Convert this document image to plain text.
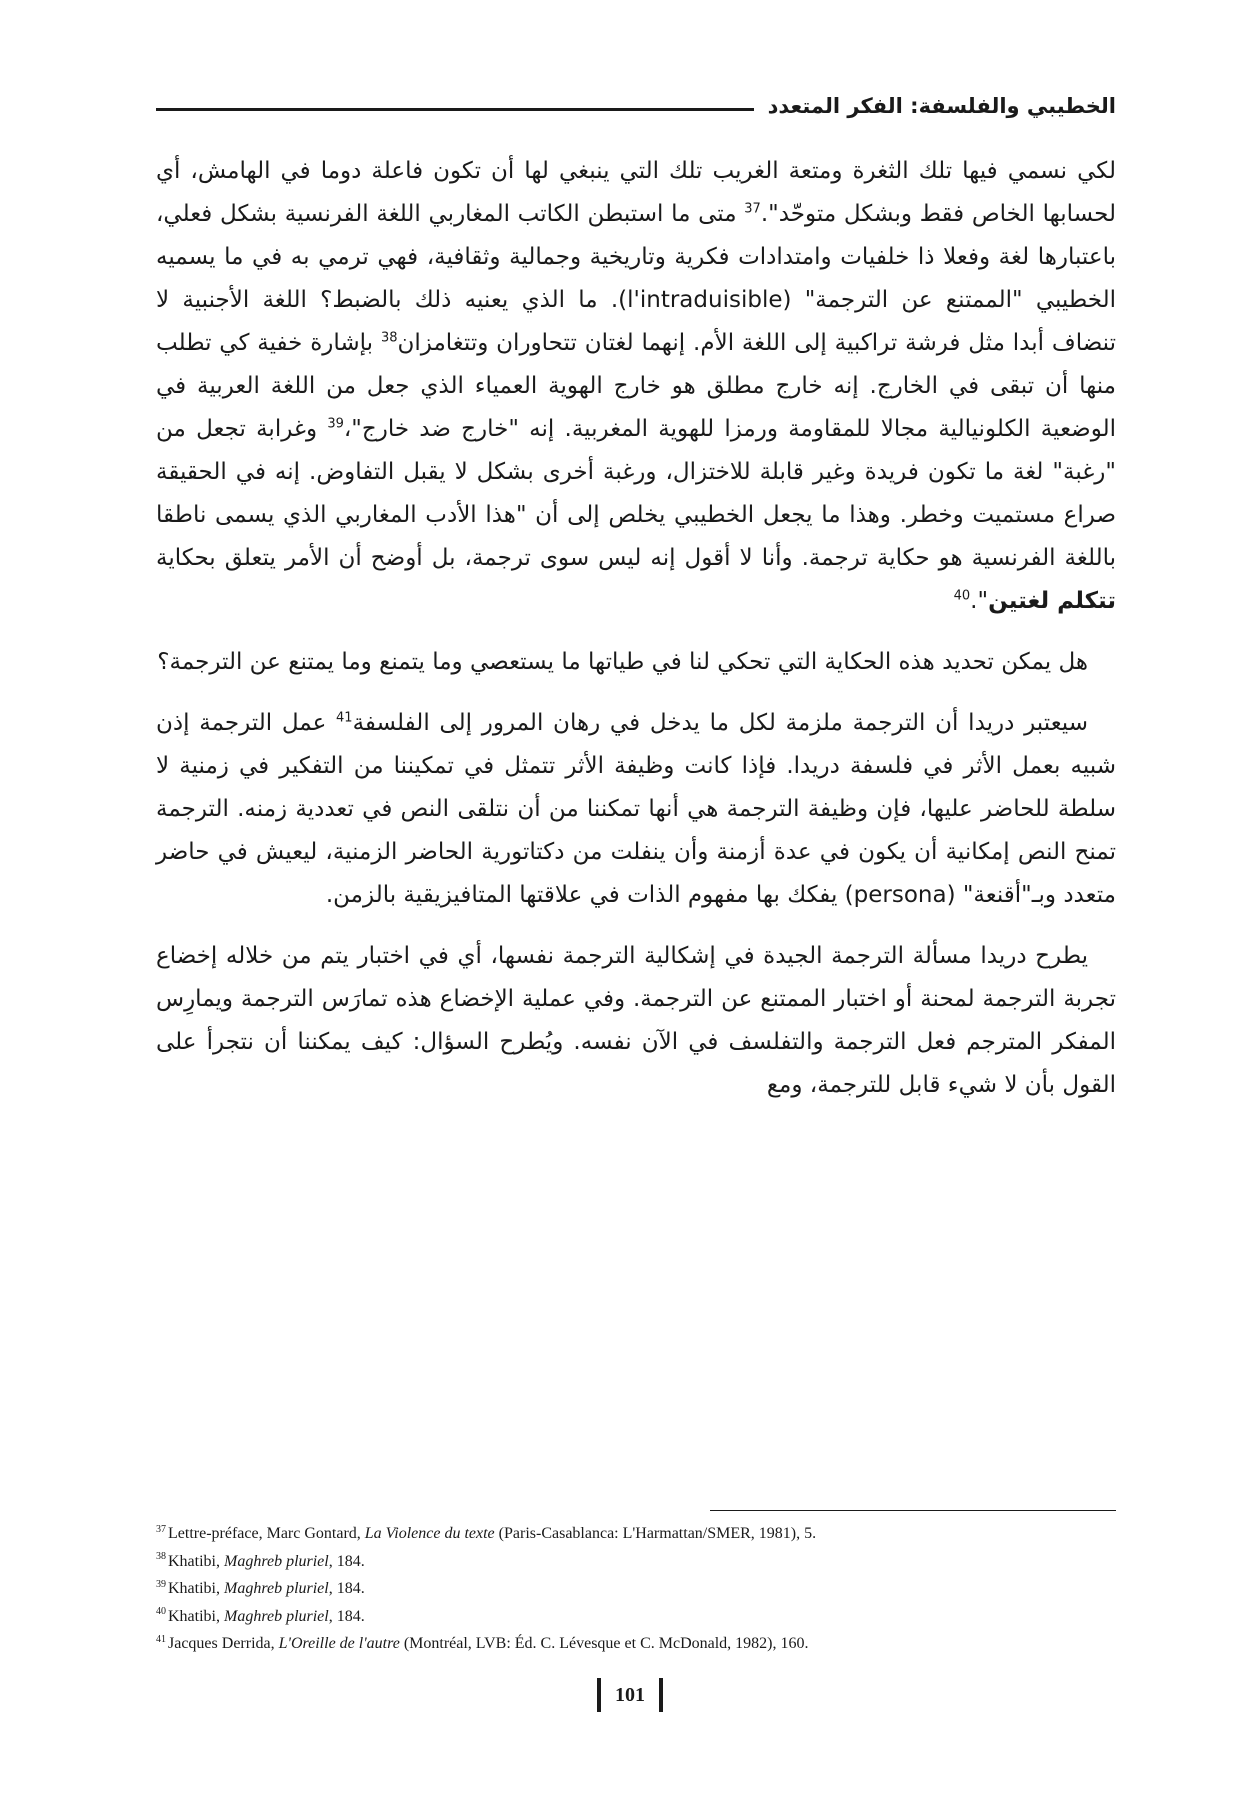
الخطيبي والفلسفة: الفكر المتعدد

لكي نسمي فيها تلك الثغرة ومتعة الغريب تلك التي ينبغي لها أن تكون فاعلة دوما في الهامش، أي لحسابها الخاص فقط وبشكل متوحّد".$^{37}$ متى ما استبطن الكاتب المغاربي اللغة الفرنسية بشكل فعلي، باعتبارها لغة وفعلا ذا خلفيات وامتدادات فكرية وتاريخية وجمالية وثقافية، فهي ترمي به في ما يسميه الخطيبي "الممتنع عن الترجمة" (l'intraduisible). ما الذي يعنيه ذلك بالضبط؟ اللغة الأجنبية لا تنضاف أبدا مثل فرشة تراكبية إلى اللغة الأم. إنهما لغتان تتحاوران وتتغامزان$^{38}$ بإشارة خفية كي تطلب منها أن تبقى في الخارج. إنه خارج مطلق هو خارج الهوية العمياء الذي جعل من اللغة العربية في الوضعية الكلونيالية مجالا للمقاومة ورمزا للهوية المغربية. إنه "خارج ضد خارج"،$^{39}$ وغرابة تجعل من "رغبة" لغة ما تكون فريدة وغير قابلة للاختزال، ورغبة أخرى بشكل لا يقبل التفاوض. إنه في الحقيقة صراع مستميت وخطر. وهذا ما يجعل الخطيبي يخلص إلى أن "هذا الأدب المغاربي الذي يسمى ناطقا باللغة الفرنسية هو حكاية ترجمة. وأنا لا أقول إنه ليس سوى ترجمة، بل أوضح أن الأمر يتعلق بحكاية تتكلم لغتين".$^{40}$

هل يمكن تحديد هذه الحكاية التي تحكي لنا في طياتها ما يستعصي وما يتمنع وما يمتنع عن الترجمة؟

سيعتبر دريدا أن الترجمة ملزمة لكل ما يدخل في رهان المرور إلى الفلسفة$^{41}$ عمل الترجمة إذن شبيه بعمل الأثر في فلسفة دريدا. فإذا كانت وظيفة الأثر تتمثل في تمكيننا من التفكير في زمنية لا سلطة للحاضر عليها، فإن وظيفة الترجمة هي أنها تمكننا من أن نتلقى النص في تعددية زمنه. الترجمة تمنح النص إمكانية أن يكون في عدة أزمنة وأن ينفلت من دكتاتورية الحاضر الزمنية، ليعيش في حاضر متعدد وبـ"أقنعة" (persona) يفكك بها مفهوم الذات في علاقتها المتافيزيقية بالزمن.

يطرح دريدا مسألة الترجمة الجيدة في إشكالية الترجمة نفسها، أي في اختبار يتم من خلاله إخضاع تجربة الترجمة لمحنة أو اختبار الممتنع عن الترجمة. وفي عملية الإخضاع هذه تمارَس الترجمة ويمارِس المفكر المترجم فعل الترجمة والتفلسف في الآن نفسه. ويُطرح السؤال: كيف يمكننا أن نتجرأ على القول بأن لا شيء قابل للترجمة، ومع

$^{37}$ Lettre-préface, Marc Gontard, La Violence du texte (Paris-Casablanca: L'Harmattan/SMER, 1981), 5.
$^{38}$ Khatibi, Maghreb pluriel, 184.
$^{39}$ Khatibi, Maghreb pluriel, 184.
$^{40}$ Khatibi, Maghreb pluriel, 184.
$^{41}$ Jacques Derrida, L'Oreille de l'autre (Montréal, LVB: Éd. C. Lévesque et C. McDonald, 1982), 160.
101
